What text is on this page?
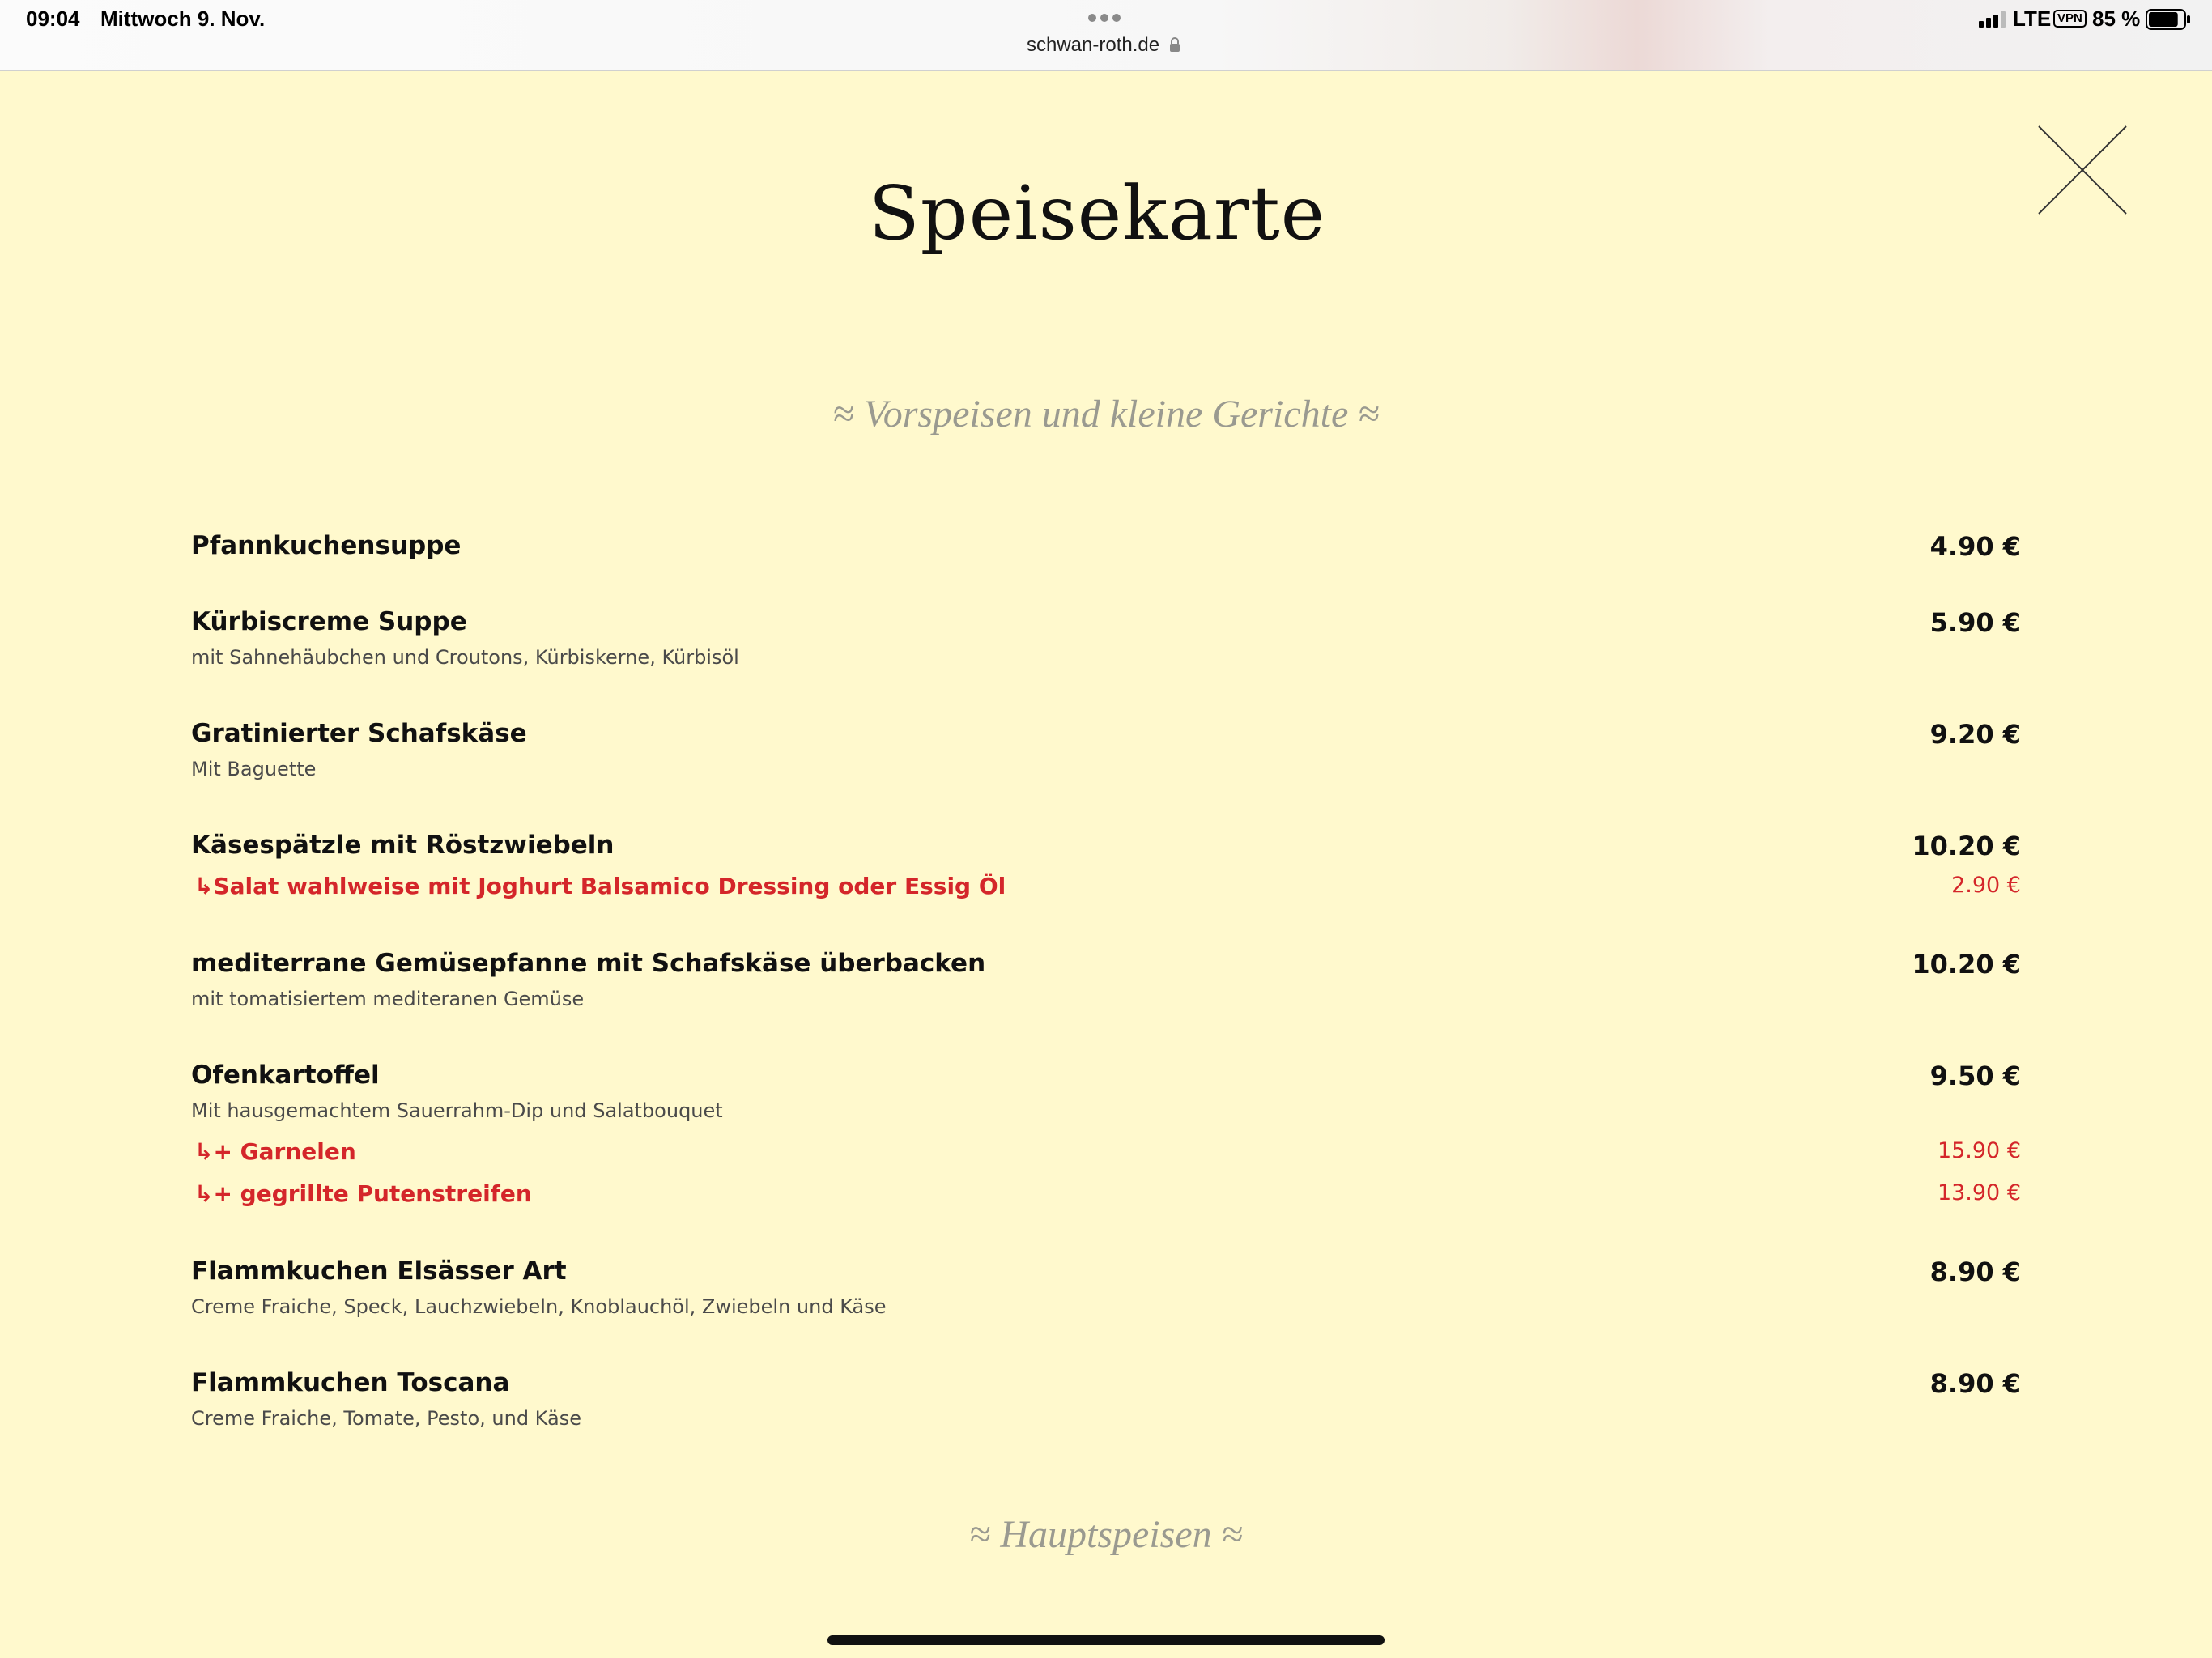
09:04 Mittwoch 9. Nov.
schwan-roth.de
LTE VPN 85 %
Speisekarte
≈ Vorspeisen und kleine Gerichte ≈
Pfannkuchensuppe	4.90 €
Kürbiscreme Suppe	5.90 €
mit Sahnehäubchen und Croutons, Kürbiskerne, Kürbisöl
Gratinierter Schafskäse	9.20 €
Mit Baguette
Käsespätzle mit Röstzwiebeln	10.20 €
↳Salat wahlweise mit Joghurt Balsamico Dressing oder Essig Öl	2.90 €
mediterrane Gemüsepfanne mit Schafskäse überbacken	10.20 €
mit tomatisiertem mediteranen Gemüse
Ofenkartoffel	9.50 €
Mit hausgemachtem Sauerrahm-Dip und Salatbouquet
↳+ Garnelen	15.90 €
↳+ gegrillte Putenstreifen	13.90 €
Flammkuchen Elsässer Art	8.90 €
Creme Fraiche, Speck, Lauchzwiebeln, Knoblauchöl, Zwiebeln und Käse
Flammkuchen Toscana	8.90 €
Creme Fraiche, Tomate, Pesto, und Käse
≈ Hauptspeisen ≈
